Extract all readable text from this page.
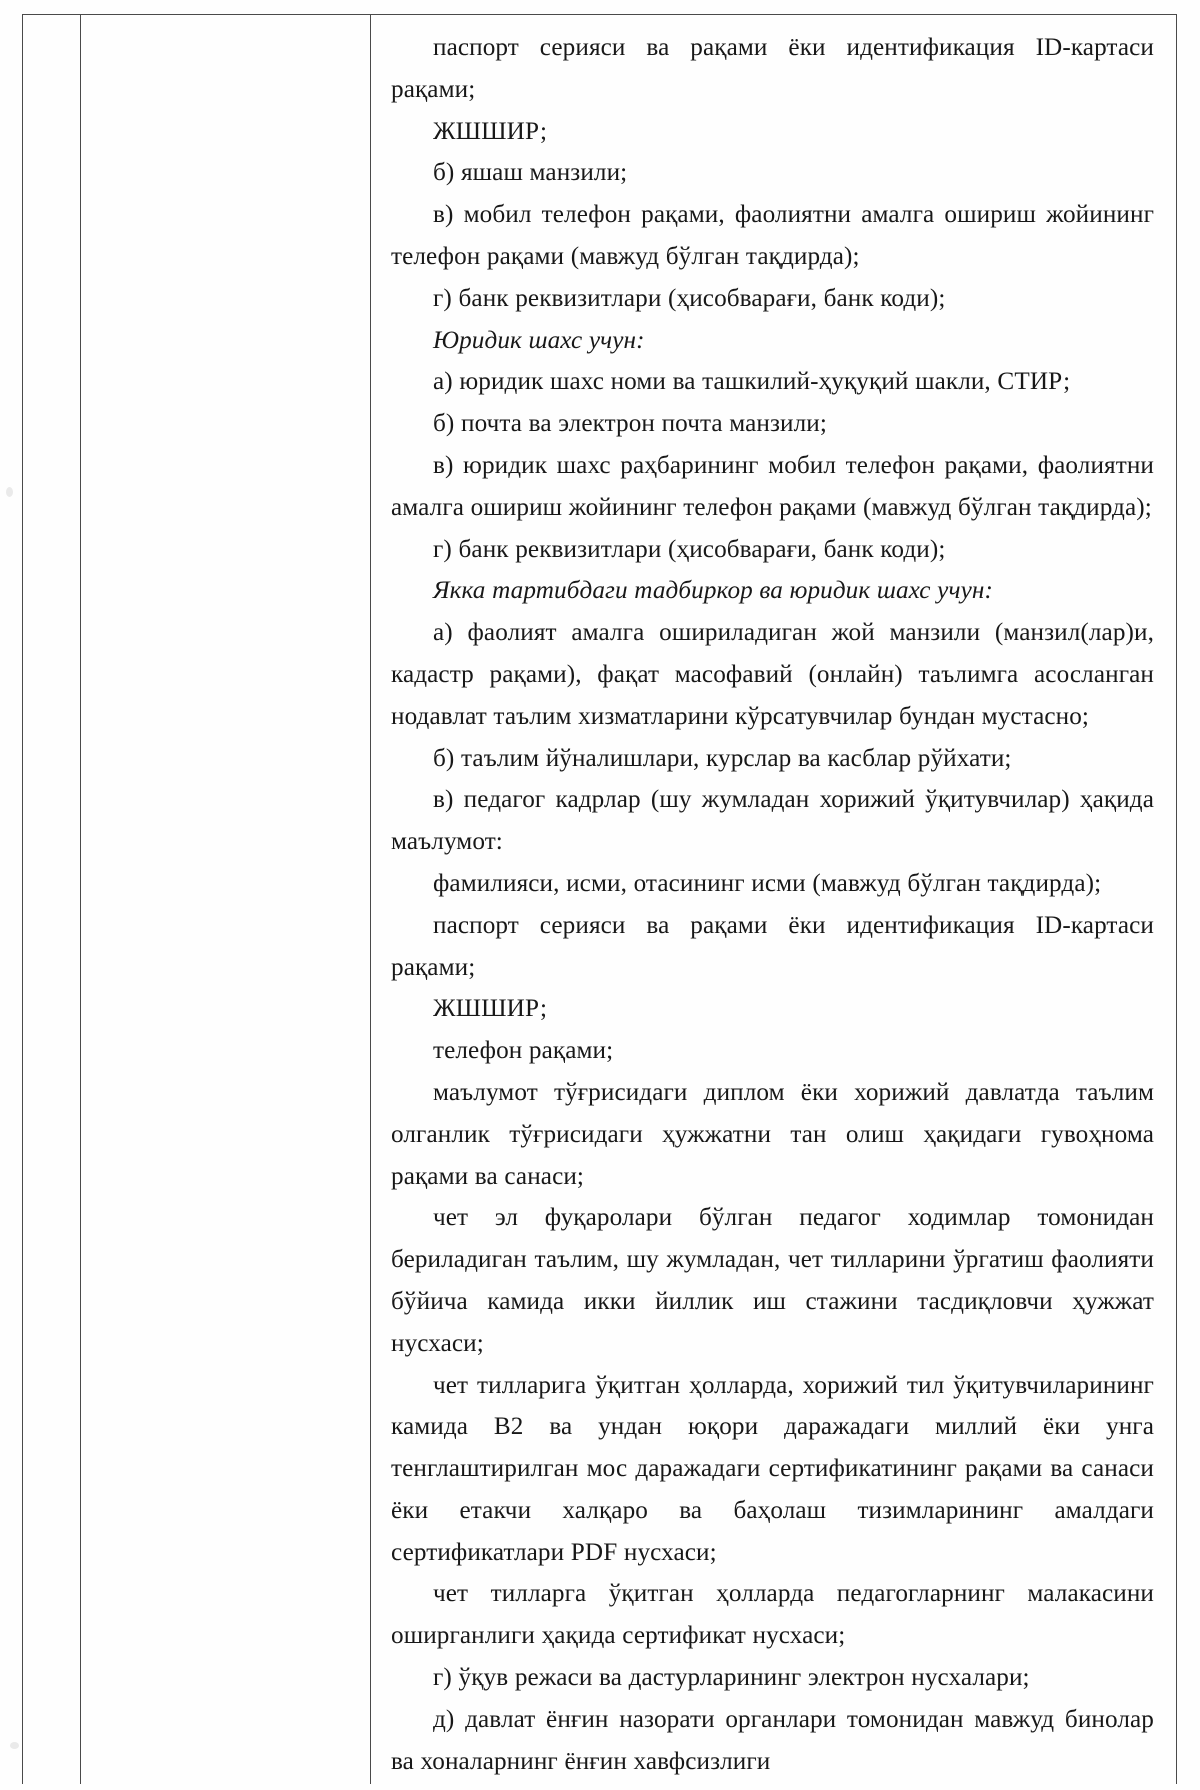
паспорт серияси ва рақами ёки идентификация ID-картаси рақами;

ЖШШИР;

б) яшаш манзили;

в) мобил телефон рақами, фаолиятни амалга ошириш жойининг телефон рақами (мавжуд бўлган тақдирда);

г) банк реквизитлари (ҳисобварағи, банк коди);

Юридик шахс учун:

а) юридик шахс номи ва ташкилий-ҳуқуқий шакли, СТИР;

б) почта ва электрон почта манзили;

в) юридик шахс раҳбарининг мобил телефон рақами, фаолиятни амалга ошириш жойининг телефон рақами (мавжуд бўлган тақдирда);

г) банк реквизитлари (ҳисобварағи, банк коди);

Якка тартибдаги тадбиркор ва юридик шахс учун:

а) фаолият амалга ошириладиган жой манзили (манзил(лар)и, кадастр рақами), фақат масофавий (онлайн) таълимга асосланган нодавлат таълим хизматларини кўрсатувчилар бундан мустасно;

б) таълим йўналишлари, курслар ва касблар рўйхати;

в) педагог кадрлар (шу жумладан хорижий ўқитувчилар) ҳақида маълумот:

фамилияси, исми, отасининг исми (мавжуд бўлган тақдирда);

паспорт серияси ва рақами ёки идентификация ID-картаси рақами;

ЖШШИР;

телефон рақами;

маълумот тўғрисидаги диплом ёки хорижий давлатда таълим олганлик тўғрисидаги ҳужжатни тан олиш ҳақидаги гувоҳнома рақами ва санаси;

чет эл фуқаролари бўлган педагог ходимлар томонидан бериладиган таълим, шу жумладан, чет тилларини ўргатиш фаолияти бўйича камида икки йиллик иш стажини тасдиқловчи ҳужжат нусхаси;

чет тилларига ўқитган ҳолларда, хорижий тил ўқитувчиларининг камида B2 ва ундан юқори даражадаги миллий ёки унга тенглаштирилган мос даражадаги сертификатининг рақами ва санаси ёки етакчи халқаро ва баҳолаш тизимларининг амалдаги сертификатлари PDF нусхаси;

чет тилларга ўқитган ҳолларда педагогларнинг малакасини оширганлиги ҳақида сертификат нусхаси;

г) ўқув режаси ва дастурларининг электрон нусхалари;

д) давлат ёнғин назорати органлари томонидан мавжуд бинолар ва хоналарнинг ёнғин хавфсизлиги
